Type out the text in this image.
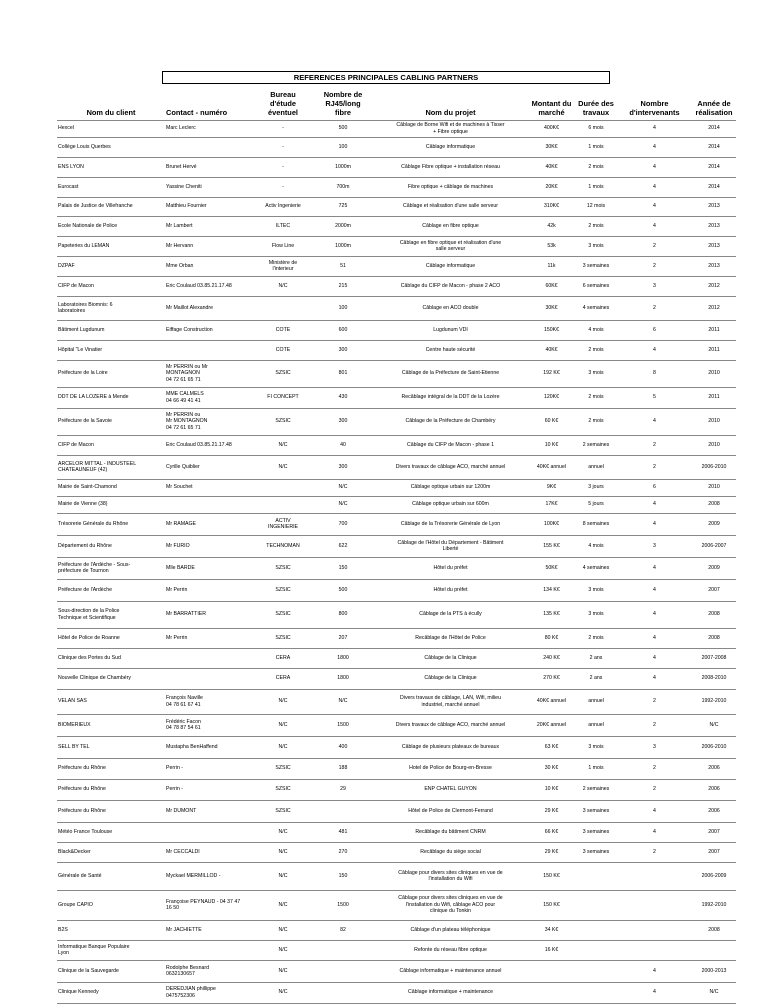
REFERENCES PRINCIPALES CABLING PARTNERS
Nom du client	Contact - numéro	Bureau
d'étude
éventuel	Nombre de
RJ45/long
fibre	Nom du projet	Montant du
marché	Durée des
travaux	Nombre
d'intervenants	Année de
réalisation
Hexcel	Marc Leclerc	-	500	Câblage de Borne Wifi et de machines à Tisser
+ Fibre optique	400K€	6 mois	4	2014
Collège Louis Querbes		-	100	Câblage informatique	30K€	1 mois	4	2014
ENS LYON	Brunet Hervé	-	1000m	Câblage Fibre optique + installation réseau	40K€	2 mois	4	2014
Eurocast	Yassine Cheniti	-	700m	Fibre optique + câblage de machines	20K€	1 mois	4	2014
Palais de Justice de Villefranche	Matthieu Fournier	Activ Ingenierie	725	Câblage et réalisation d'une salle serveur	310K€	12 mois	4	2013
Ecole Nationale de Police	Mr Lambert	ILTEC	2000m	Câblage en fibre optique	42k	2 mois	4	2013
Papeteries du LEMAN	Mr Hervann	Flow Line	1000m	Câblage en fibre optique et réalisation d'une
salle serveur	53k	3 mois	2	2013
DZPAF	Mme Orban	Ministère de
l'interieur	51	Câblage informatique	11k	3 semaines	2	2013
CIFP de Macon	Eric Coulaud 03.85.21.17.48	N/C	215	Câblage du CIFP de Macon - phase 2 ACO	60K€	6 semaines	3	2012
Laboratoires Biomnis: 6
laboratoires	Mr Maillot Alexandre		100	Câblage en ACO double	30K€	4 semaines	2	2012
Bâtiment Lugdunum	Eiffage Construction	COTE	600	Lugdunum VDI	150K€	4 mois	6	2011
Hôpital "Le Vinatier		COTE	300	Centre haute sécurité	40K€	2 mois	4	2011
Préfecture de la Loire	Mr PERRIN ou Mr
MONTAGNON
04 72 61 65 71	SZSIC	801	Câblage de la Préfecture de Saint-Etienne	192 K€	3 mois	8	2010
DDT DE LA LOZERE à Mende	MME CALMELS
04 66 49 41 41	FI CONCEPT	430	Recâblage intégral de la DDT de la Lozère	120K€	2 mois	5	2011
Préfecture de la Savoie	Mr PERRIN ou
Mr MONTAGNON
04 72 61 65 71	SZSIC	300	Câblage de la Préfecture de Chambéry	60 K€	2 mois	4	2010
CIFP de Macon	Eric Coulaud 03.85.21.17.48	N/C	40	Câblage du CIFP de Macon - phase 1	10 K€	2 semaines	2	2010
ARCELOR MITTAL - INDUSTEEL
CHATEAUNEUF (42)	Cyrille Quiblier	N/C	300	Divers travaux de câblage ACO, marché annuel	40K€ annuel	annuel	2	2006-2010
Mairie de Saint-Chamond	Mr Souchet		N/C	Câblage optique urbain sur 1200m	9K€	3 jours	6	2010
Mairie de Vienne (38)			N/C	Câblage optique urbain sur 600m	17K€	5 jours	4	2008
Trésorerie Générale du Rhône	Mr RAMAGE	ACTIV
INGENIERIE	700	Câblage de la Trésorerie Générale de Lyon	100K€	8 semaines	4	2009
Département du Rhône	Mr FURIO	TECHNOMAN	622	Câblage de l'Hôtel du Département - Bâtiment
Liberté	155 K€	4 mois	3	2006-2007
Préfecture de l'Ardèche - Sous-
préfecture de Tournon	Mlle BARDE	SZSIC	150	Hôtel du préfet	50K€	4 semaines	4	2009
Préfecture de l'Ardèche	Mr Perrin	SZSIC	500	Hôtel du préfet	134 K€	3 mois	4	2007
Sous-direction de la Police
Technique et Scientifique	Mr BARRATTIER	SZSIC	800	Câblage de la PTS à écully	135 K€	3 mois	4	2008
Hôtel de Police de Roanne	Mr Perrin	SZSIC	207	Recâblage de l'Hôtel de Police	80 K€	2 mois	4	2008
Clinique des Portes du Sud		CERA	1800	Câblage de la Clinique	240 K€	2 ans	4	2007-2008
Nouvelle Clinique de Chambéry		CERA	1800	Câblage de la Clinique	270 K€	2 ans	4	2008-2010
VELAN SAS	François Naville
04 78 61 67 41	N/C	N/C	Divers travaux de câblage, LAN, Wifi, milieu
industriel, marché annuel	40K€ annuel	annuel	2	1992-2010
BIOMERIEUX	Frédéric Facon
04 78 87 54 61	N/C	1500	Divers travaux de câblage ACO, marché annuel	20K€ annuel	annuel	2	N/C
SELL BY TEL	Mustapha BenHaffend	N/C	400	Câblage de plusieurs plateaux de bureaux	63 K€	3 mois	3	2006-2010
Préfecture du Rhône	Perrin -	SZSIC	188	Hotel de Police de Bourg-en-Bresse	30 K€	1 mois	2	2006
Préfecture du Rhône	Perrin -	SZSIC	29	ENP CHATEL GUYON	10 K€	2 semaines	2	2006
Préfecture du Rhône	Mr DUMONT	SZSIC		Hôtel de Police de Clermont-Ferrand	29 K€	3 semaines	4	2006
Météo France Toulouse		N/C	481	Recâblage du bâtiment CNRM	66 K€	3 semaines	4	2007
Black&Decker	Mr CECCALDI	N/C	270	Recâblage du siège social	29 K€	3 semaines	2	2007
Générale de Santé	Myckael MERMILLOD -	N/C	150	Câblage pour divers sites cliniques en vue de
l'installation du Wifi	150 K€			2006-2009
Groupe CAPIO	Françoise PEYNAUD - 04 37 47
16 50	N/C	1500	Câblage pour divers sites cliniques en vue de
l'installation du Wifi, câblage ACO pour
clinique du Tonkin	150 K€			1992-2010
B2S	Mr JACHIETTE	N/C	82	Câblage d'un plateau téléphonique	34 K€			2008
Informatique Banque Populaire
Lyon		N/C		Refonte du réseau fibre optique	16 K€			
Clinique de la Sauvegarde	Rodolphe Besnard
0632130657	N/C		Câblage informatique + maintenance annuel			4	2000-2013
Clinique Kennedy	DEREDJIAN phillippe
0475752306	N/C		Câblage informatique + maintenance			4	N/C
